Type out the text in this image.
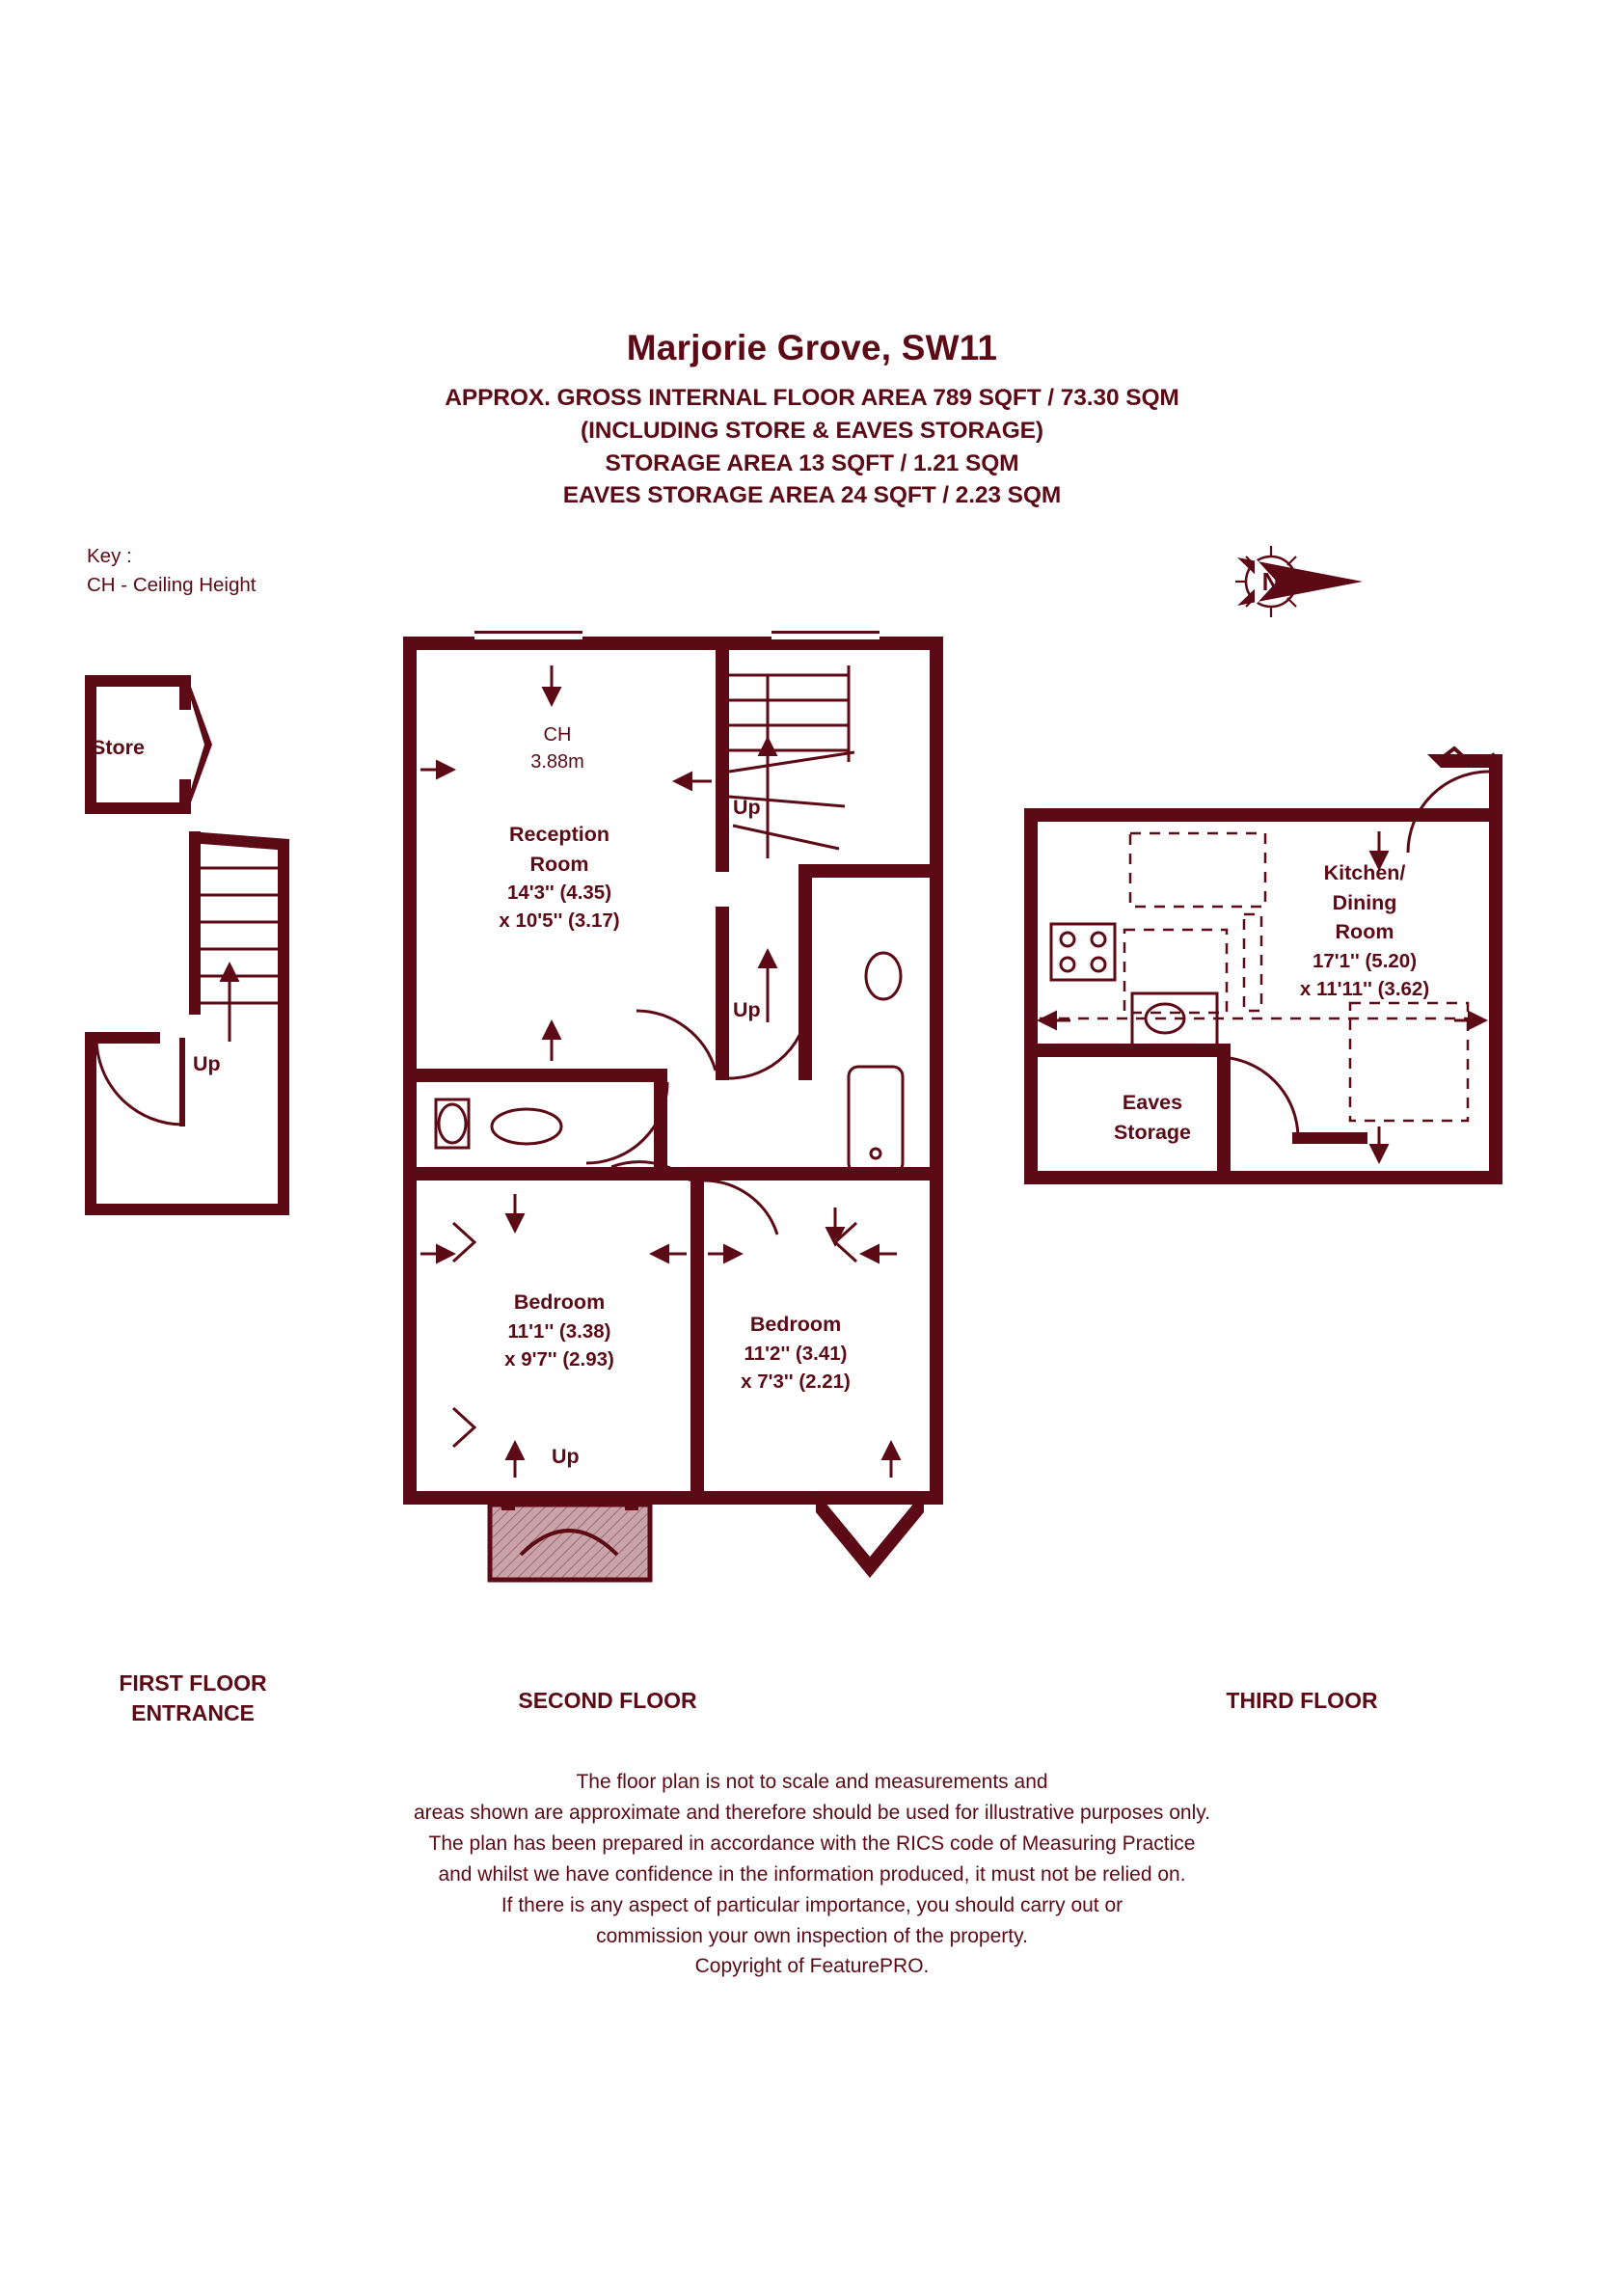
Marjorie Grove, SW11
APPROX. GROSS INTERNAL FLOOR AREA 789 SQFT / 73.30 SQM
(INCLUDING STORE & EAVES STORAGE)
STORAGE AREA 13 SQFT / 1.21 SQM
EAVES STORAGE AREA 24 SQFT / 2.23 SQM
Key :
CH - Ceiling Height	N
Store
Up
CH
3.88m
Reception
Room
14'3'' (4.35)
x 10'5'' (3.17)
Up
Up
Bedroom
11'1'' (3.38)
x 9'7'' (2.93)
Bedroom
11'2'' (3.41)
x 7'3'' (2.21)
Up
Kitchen/
Dining
Room
17'1'' (5.20)
x 11'11'' (3.62)
Eaves
Storage
FIRST FLOOR
ENTRANCE
SECOND FLOOR	THIRD FLOOR
The floor plan is not to scale and measurements and
areas shown are approximate and therefore should be used for illustrative purposes only.
The plan has been prepared in accordance with the RICS code of Measuring Practice
and whilst we have confidence in the information produced, it must not be relied on.
If there is any aspect of particular importance, you should carry out or
commission your own inspection of the property.
Copyright of FeaturePRO.
